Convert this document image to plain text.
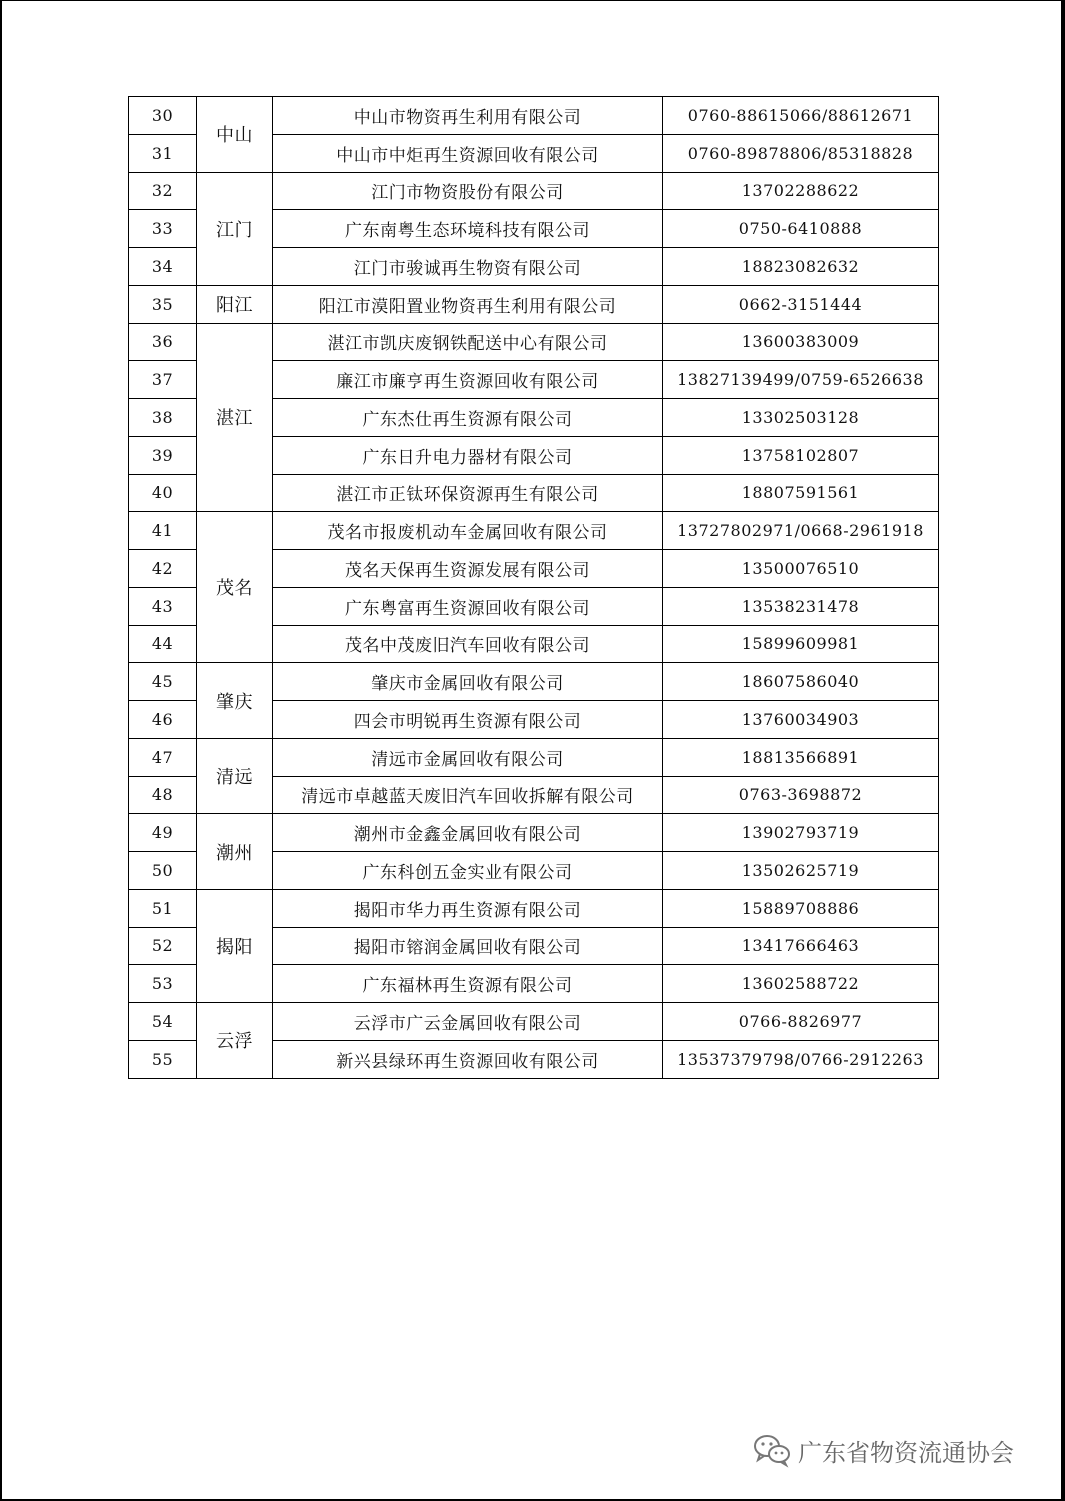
30	中山	中山市物资再生利用有限公司	0760-88615066/88612671
31		中山市中炬再生资源回收有限公司	0760-89878806/85318828
32	江门	江门市物资股份有限公司	13702288622
33		广东南粤生态环境科技有限公司	0750-6410888
34		江门市骏诚再生物资有限公司	18823082632
35	阳江	阳江市漠阳置业物资再生利用有限公司	0662-3151444
36	湛江	湛江市凯庆废钢铁配送中心有限公司	13600383009
37		廉江市廉亨再生资源回收有限公司	13827139499/0759-6526638
38		广东杰仕再生资源有限公司	13302503128
39		广东日升电力器材有限公司	13758102807
40		湛江市正钛环保资源再生有限公司	18807591561
41	茂名	茂名市报废机动车金属回收有限公司	13727802971/0668-2961918
42		茂名天保再生资源发展有限公司	13500076510
43		广东粤富再生资源回收有限公司	13538231478
44		茂名中茂废旧汽车回收有限公司	15899609981
45	肇庆	肇庆市金属回收有限公司	18607586040
46		四会市明锐再生资源有限公司	13760034903
47	清远	清远市金属回收有限公司	18813566891
48		清远市卓越蓝天废旧汽车回收拆解有限公司	0763-3698872
49	潮州	潮州市金鑫金属回收有限公司	13902793719
50		广东科创五金实业有限公司	13502625719
51	揭阳	揭阳市华力再生资源有限公司	15889708886
52		揭阳市镕润金属回收有限公司	13417666463
53		广东福林再生资源有限公司	13602588722
54	云浮	云浮市广云金属回收有限公司	0766-8826977
55		新兴县绿环再生资源回收有限公司	13537379798/0766-2912263
广东省物资流通协会
